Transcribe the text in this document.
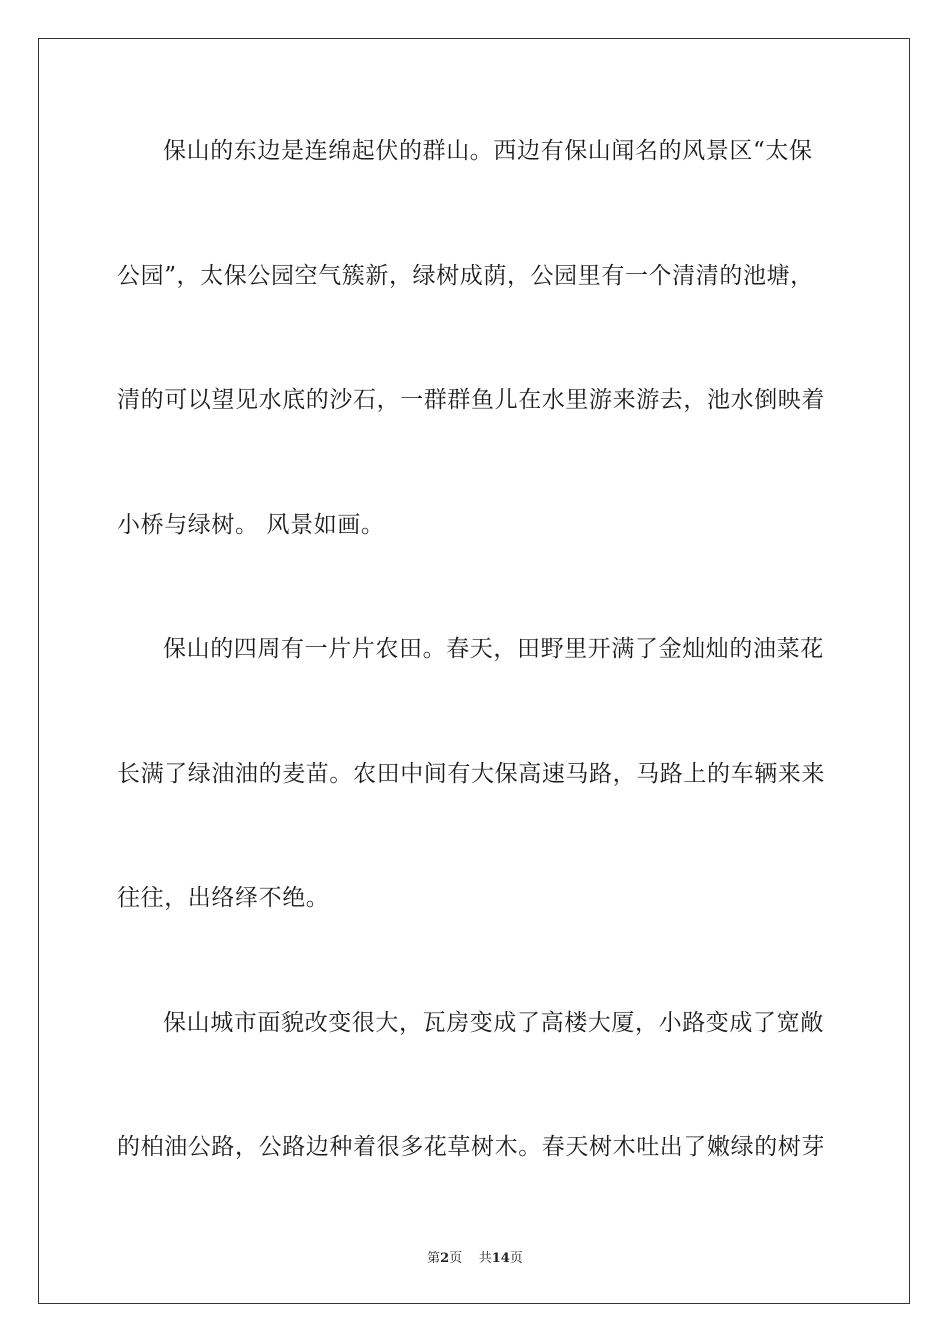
保山的东边是连绵起伏的群山。西边有保山闻名的风景区“太保
公园”，太保公园空气簇新，绿树成荫，公园里有一个清清的池塘，
清的可以望见水底的沙石，一群群鱼儿在水里游来游去，池水倒映着
小桥与绿树。 风景如画。
保山的四周有一片片农田。春天，田野里开满了金灿灿的油菜花
长满了绿油油的麦苗。农田中间有大保高速马路，马路上的车辆来来
往往，出络绎不绝。
保山城市面貌改变很大，瓦房变成了高楼大厦，小路变成了宽敞
的柏油公路，公路边种着很多花草树木。春天树木吐出了嫩绿的树芽
第2页 共14页
